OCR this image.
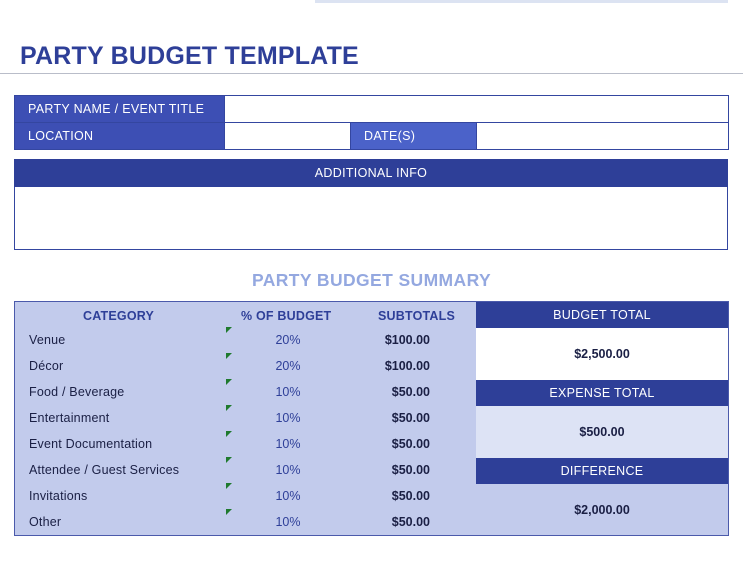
PARTY BUDGET TEMPLATE
PARTY NAME / EVENT TITLE			
LOCATION		DATE(S)	
ADDITIONAL INFO
PARTY BUDGET SUMMARY
CATEGORY	% OF BUDGET	SUBTOTALS
Venue	20%	$100.00
Décor	20%	$100.00
Food / Beverage	10%	$50.00
Entertainment	10%	$50.00
Event Documentation	10%	$50.00
Attendee / Guest Services	10%	$50.00
Invitations	10%	$50.00
Other	10%	$50.00
BUDGET TOTAL
$2,500.00
EXPENSE TOTAL
$500.00
DIFFERENCE
$2,000.00
